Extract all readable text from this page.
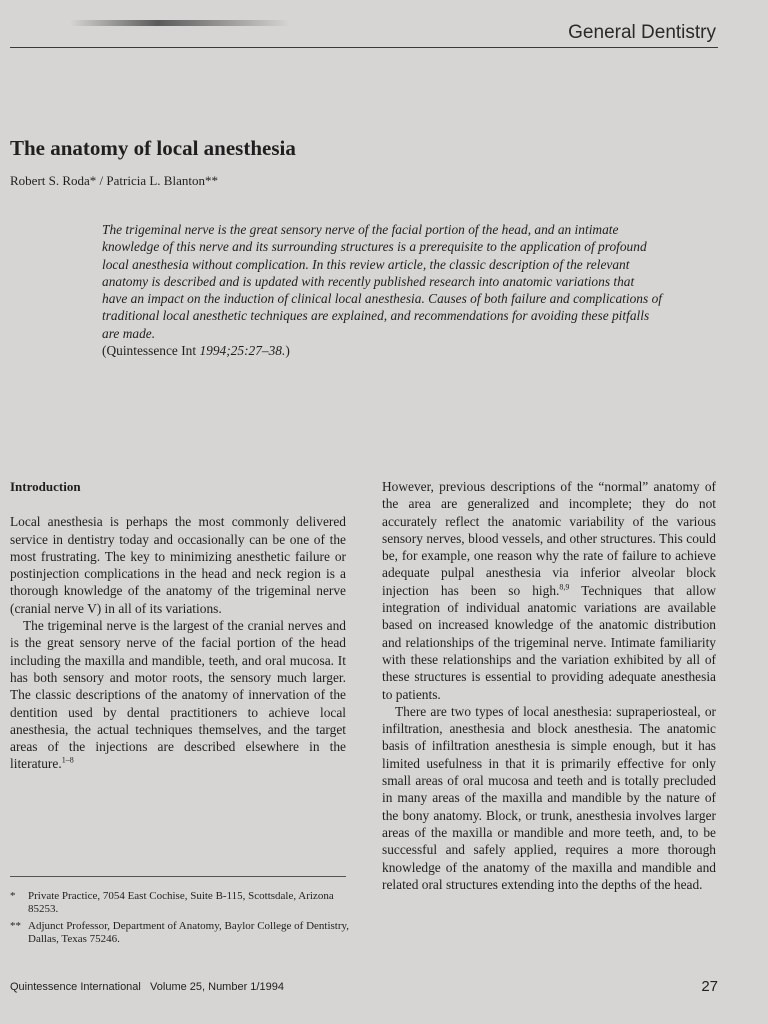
General Dentistry
The anatomy of local anesthesia
Robert S. Roda* / Patricia L. Blanton**
The trigeminal nerve is the great sensory nerve of the facial portion of the head, and an intimate knowledge of this nerve and its surrounding structures is a prerequisite to the application of profound local anesthesia without complication. In this review article, the classic description of the relevant anatomy is described and is updated with recently published research into anatomic variations that have an impact on the induction of clinical local anesthesia. Causes of both failure and complications of traditional local anesthetic techniques are explained, and recommendations for avoiding these pitfalls are made.
(Quintessence Int 1994;25:27–38.)
Introduction

Local anesthesia is perhaps the most commonly delivered service in dentistry today and occasionally can be one of the most frustrating. The key to minimizing anesthetic failure or postinjection complications in the head and neck region is a thorough knowledge of the anatomy of the trigeminal nerve (cranial nerve V) in all of its variations.

The trigeminal nerve is the largest of the cranial nerves and is the great sensory nerve of the facial portion of the head including the maxilla and mandible, teeth, and oral mucosa. It has both sensory and motor roots, the sensory much larger. The classic descriptions of the anatomy of innervation of the dentition used by dental practitioners to achieve local anesthesia, the actual techniques themselves, and the target areas of the injections are described elsewhere in the literature.$^{1-8}$

However, previous descriptions of the “normal” anatomy of the area are generalized and incomplete; they do not accurately reflect the anatomic variability of the various sensory nerves, blood vessels, and other structures. This could be, for example, one reason why the rate of failure to achieve adequate pulpal anesthesia via inferior alveolar block injection has been so high.$^{8,9}$ Techniques that allow integration of individual anatomic variations are available based on increased knowledge of the anatomic distribution and relationships of the trigeminal nerve. Intimate familiarity with these relationships and the variation exhibited by all of these structures is essential to providing adequate anesthesia to patients.

There are two types of local anesthesia: supraperiosteal, or infiltration, anesthesia and block anesthesia. The anatomic basis of infiltration anesthesia is simple enough, but it has limited usefulness in that it is primarily effective for only small areas of oral mucosa and teeth and is totally precluded in many areas of the maxilla and mandible by the nature of the bony anatomy. Block, or trunk, anesthesia involves larger areas of the maxilla or mandible and more teeth, and, to be successful and safely applied, requires a more thorough knowledge of the anatomy of the maxilla and mandible and related oral structures extending into the depths of the head.

*	Private Practice, 7054 East Cochise, Suite B-115, Scottsdale, Arizona 85253.
** Adjunct Professor, Department of Anatomy, Baylor College of Dentistry, Dallas, Texas 75246.
Quintessence International   Volume 25, Number 1/1994	27
